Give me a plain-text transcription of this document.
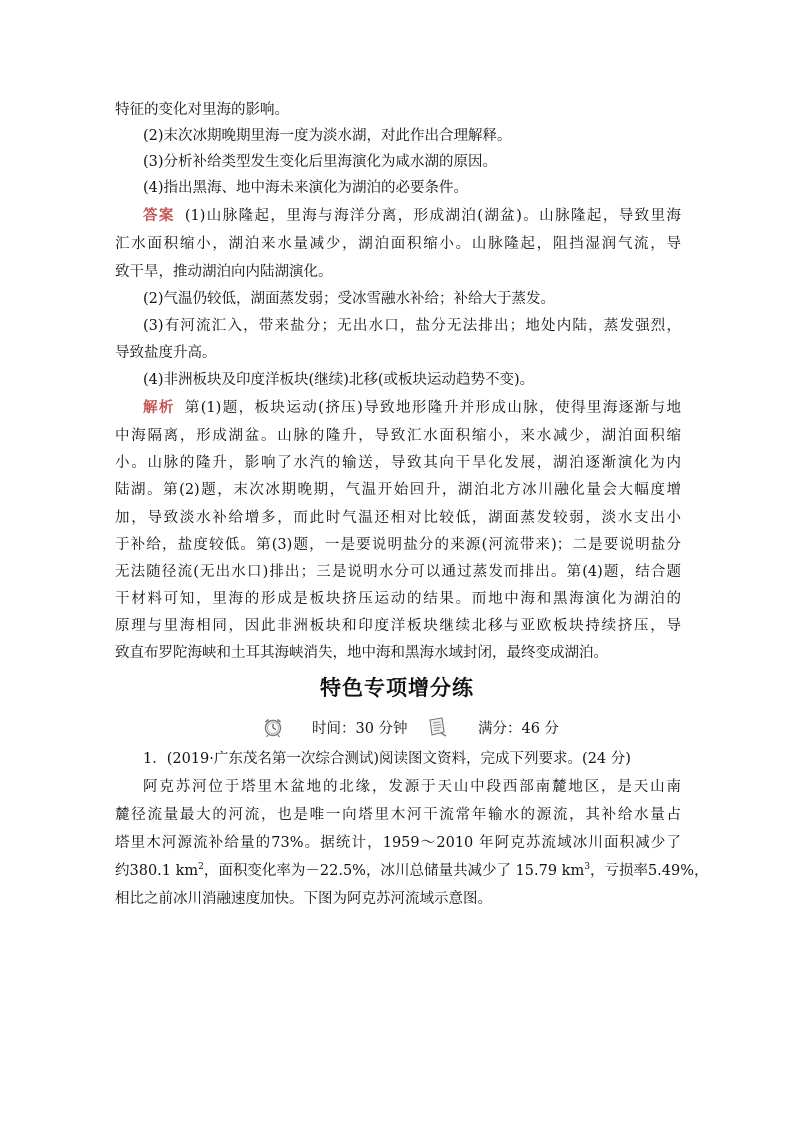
特征的变化对里海的影响。
(2)末次冰期晚期里海一度为淡水湖，对此作出合理解释。
(3)分析补给类型发生变化后里海演化为咸水湖的原因。
(4)指出黑海、地中海未来演化为湖泊的必要条件。
答案 (1)山脉隆起，里海与海洋分离，形成湖泊(湖盆)。山脉隆起，导致里海
汇水面积缩小，湖泊来水量减少，湖泊面积缩小。山脉隆起，阻挡湿润气流，导
致干旱，推动湖泊向内陆湖演化。
(2)气温仍较低，湖面蒸发弱；受冰雪融水补给；补给大于蒸发。
(3)有河流汇入，带来盐分；无出水口，盐分无法排出；地处内陆，蒸发强烈，
导致盐度升高。
(4)非洲板块及印度洋板块(继续)北移(或板块运动趋势不变)。
解析 第(1)题，板块运动(挤压)导致地形隆升并形成山脉，使得里海逐渐与地
中海隔离，形成湖盆。山脉的隆升，导致汇水面积缩小，来水减少，湖泊面积缩
小。山脉的隆升，影响了水汽的输送，导致其向干旱化发展，湖泊逐渐演化为内
陆湖。第(2)题，末次冰期晚期，气温开始回升，湖泊北方冰川融化量会大幅度增
加，导致淡水补给增多，而此时气温还相对比较低，湖面蒸发较弱，淡水支出小
于补给，盐度较低。第(3)题，一是要说明盐分的来源(河流带来)；二是要说明盐分
无法随径流(无出水口)排出；三是说明水分可以通过蒸发而排出。第(4)题，结合题
干材料可知，里海的形成是板块挤压运动的结果。而地中海和黑海演化为湖泊的
原理与里海相同，因此非洲板块和印度洋板块继续北移与亚欧板块持续挤压，导
致直布罗陀海峡和土耳其海峡消失，地中海和黑海水域封闭，最终变成湖泊。
特色专项增分练
时间：30 分钟	满分：46 分
1．(2019·广东茂名第一次综合测试)阅读图文资料，完成下列要求。(24 分)
阿克苏河位于塔里木盆地的北缘，发源于天山中段西部南麓地区，是天山南
麓径流量最大的河流，也是唯一向塔里木河干流常年输水的源流，其补给水量占
塔里木河源流补给量的73%。据统计，1959～2010 年阿克苏流域冰川面积减少了
约380.1 $km^2$，面积变化率为－22.5%，冰川总储量共减少了 15.79 $km^3$，亏损率5.49%，
相比之前冰川消融速度加快。下图为阿克苏河流域示意图。
